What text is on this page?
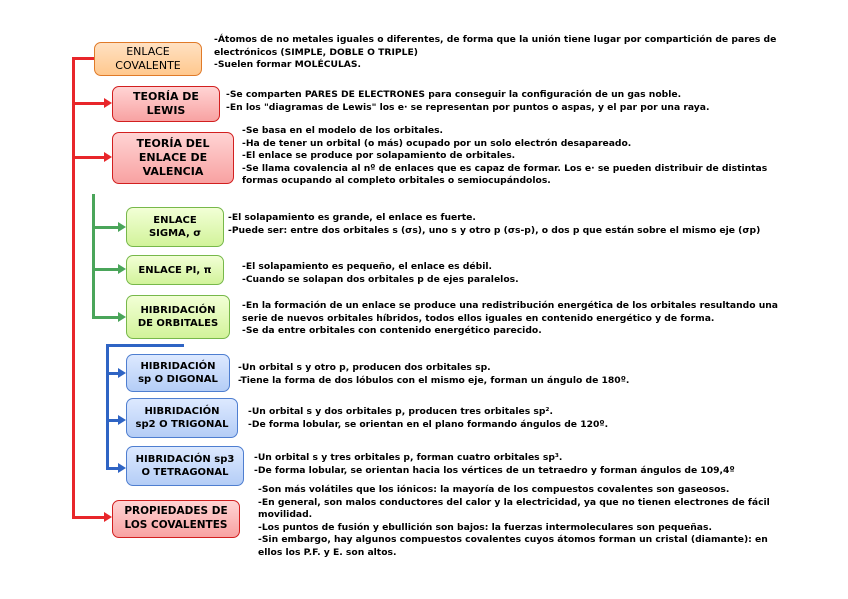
ENLACE
COVALENTE
TEORÍA DE
LEWIS
TEORÍA DEL
ENLACE DE
VALENCIA
ENLACE
SIGMA, σ
ENLACE PI, π
HIBRIDACIÓN
DE ORBITALES
HIBRIDACIÓN
sp O DIGONAL
HIBRIDACIÓN
sp2 O TRIGONAL
HIBRIDACIÓN sp3
O TETRAGONAL
PROPIEDADES DE
LOS COVALENTES

-Átomos de no metales iguales o diferentes, de forma que la unión tiene lugar por compartición de pares de electrónicos (SIMPLE, DOBLE O TRIPLE)

-Suelen formar MOLÉCULAS.

-Se comparten PARES DE ELECTRONES para conseguir la configuración de un gas noble.

-En los "diagramas de Lewis" los e· se representan por puntos o aspas, y el par por una raya.

-Se basa en el modelo de los orbitales.

-Ha de tener un orbital (o más) ocupado por un solo electrón desapareado.

-El enlace se produce por solapamiento de orbitales.

-Se llama covalencia al nº de enlaces que es capaz de formar. Los e· se pueden distribuir de distintas formas ocupando al completo orbitales o semiocupándolos.

-El solapamiento es grande, el enlace es fuerte.

-Puede ser: entre dos orbitales s (σs), uno s y otro p (σs-p), o dos p que están sobre el mismo eje (σp)

-El solapamiento es pequeño, el enlace es débil.

-Cuando se solapan dos orbitales p de ejes paralelos.

-En la formación de un enlace se produce una redistribución energética de los orbitales resultando una serie de nuevos orbitales híbridos, todos ellos iguales en contenido energético y de forma.

-Se da entre orbitales con contenido energético parecido.

-Un orbital s y otro p, producen dos orbitales sp.

-Tiene la forma de dos lóbulos con el mismo eje, forman un ángulo de 180º.

-Un orbital s y dos orbitales p, producen tres orbitales sp².

-De forma lobular, se orientan en el plano formando ángulos de 120º.

-Un orbital s y tres orbitales p, forman cuatro orbitales sp³.

-De forma lobular, se orientan hacia los vértices de un tetraedro y forman ángulos de 109,4º

-Son más volátiles que los iónicos: la mayoría de los compuestos covalentes son gaseosos.

-En general, son malos conductores del calor y la electricidad, ya que no tienen electrones de fácil movilidad.

-Los puntos de fusión y ebullición son bajos: la fuerzas intermoleculares son pequeñas.

-Sin embargo, hay algunos compuestos covalentes cuyos átomos forman un cristal (diamante): en ellos los P.F. y E. son altos.
